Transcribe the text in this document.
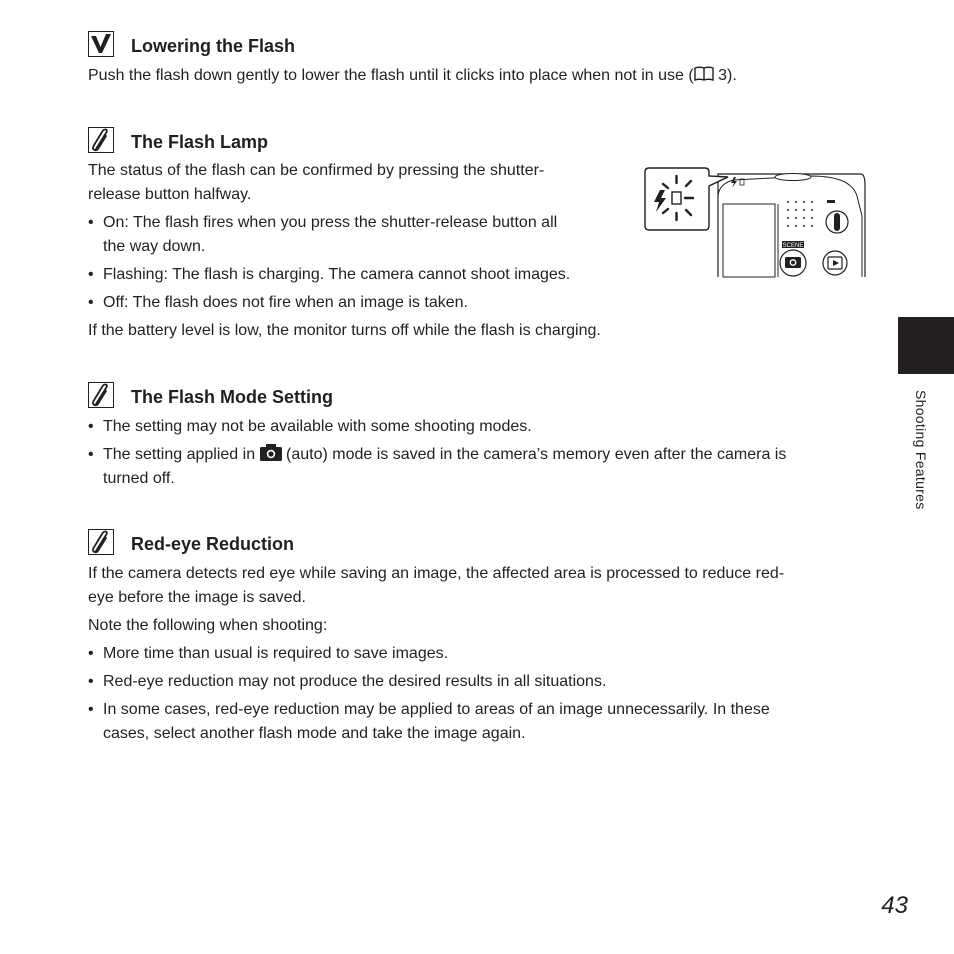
Lowering the Flash
Push the flash down gently to lower the flash until it clicks into place when not in use ( 3).
The Flash Lamp
The status of the flash can be confirmed by pressing the shutter-
release button halfway.
• On: The flash fires when you press the shutter-release button all
the way down.
• Flashing: The flash is charging. The camera cannot shoot images.
• Off: The flash does not fire when an image is taken.
If the battery level is low, the monitor turns off while the flash is charging.
SCENE
The Flash Mode Setting
• The setting may not be available with some shooting modes.
• The setting applied in  (auto) mode is saved in the camera’s memory even after the camera is
turned off.
Red-eye Reduction
If the camera detects red eye while saving an image, the affected area is processed to reduce red-
eye before the image is saved.
Note the following when shooting:
• More time than usual is required to save images.
• Red-eye reduction may not produce the desired results in all situations.
• In some cases, red-eye reduction may be applied to areas of an image unnecessarily. In these
cases, select another flash mode and take the image again.
Shooting Features
43
